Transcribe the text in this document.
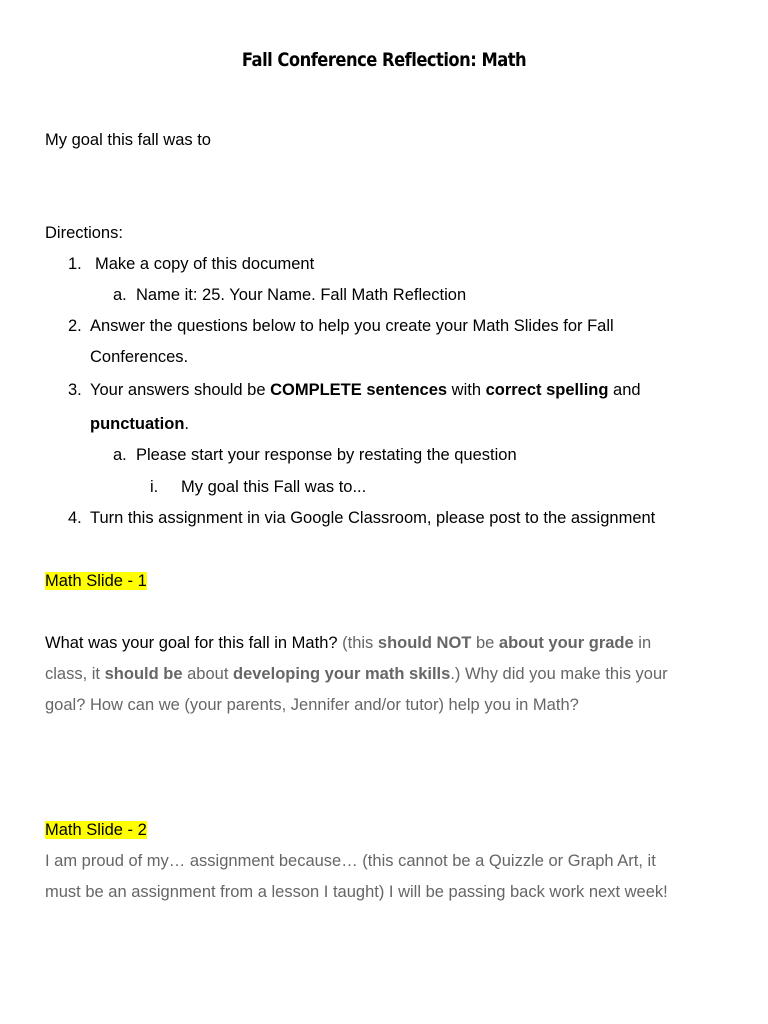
Fall Conference Reflection: Math
My goal this fall was to
Directions:
1. Make a copy of this document
a. Name it: 25. Your Name. Fall Math Reflection
2. Answer the questions below to help you create your Math Slides for Fall
Conferences.
3. Your answers should be COMPLETE sentences with correct spelling and
punctuation.
a. Please start your response by restating the question
i. My goal this Fall was to...
4. Turn this assignment in via Google Classroom, please post to the assignment
Math Slide - 1
What was your goal for this fall in Math? (this should NOT be about your grade in
class, it should be about developing your math skills.) Why did you make this your
goal? How can we (your parents, Jennifer and/or tutor) help you in Math?
Math Slide - 2
I am proud of my… assignment because… (this cannot be a Quizzle or Graph Art, it
must be an assignment from a lesson I taught) I will be passing back work next week!
